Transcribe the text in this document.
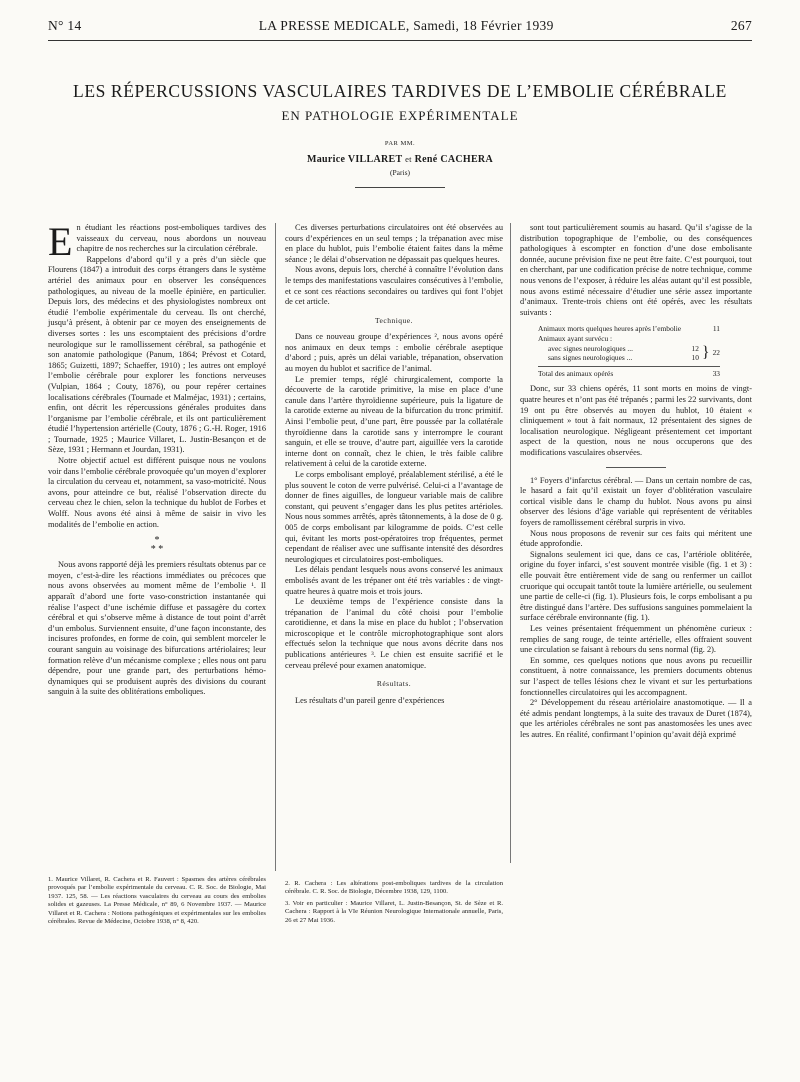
N° 14	LA PRESSE MEDICALE, Samedi, 18 Février 1939	267
LES RÉPERCUSSIONS VASCULAIRES TARDIVES DE L’EMBOLIE CÉRÉBRALE
EN PATHOLOGIE EXPÉRIMENTALE
PAR MM.
Maurice VILLARET et René CACHERA
(Paris)

En étudiant les réactions post-emboliques tardives des vaisseaux du cerveau, nous abordons un nouveau chapitre de nos recherches sur la circulation cérébrale.

Rappelons d’abord qu’il y a près d’un siècle que Flourens (1847) a introduit des corps étrangers dans le système artériel des animaux pour en observer les conséquences pathologiques, au niveau de la moelle épinière, en particulier. Depuis lors, des médecins et des physiologistes nombreux ont étudié l’embolie expérimentale du cerveau. Ils ont cherché, jusqu’à présent, à obtenir par ce moyen des enseignements de diverses sortes : les uns escomptaient des précisions d’ordre neurologique sur le ramollissement cérébral, sa pathogénie et son anatomie pathologique (Panum, 1864; Prévost et Cotard, 1865; Guizetti, 1897; Schaeffer, 1910) ; les autres ont employé l’embolie cérébrale pour explorer les fonctions nerveuses (Vulpian, 1864 ; Couty, 1876), ou pour repérer certaines localisations cérébrales (Tournade et Malméjac, 1931) ; certains, enfin, ont décrit les répercussions générales produites dans l’organisme par l’embolie cérébrale, et ils ont particulièrement étudié l’hypertension artérielle (Couty, 1876 ; G.-H. Roger, 1916 ; Tournade, 1925 ; Maurice Villaret, L. Justin-Besançon et de Sèze, 1931 ; Hermann et Jourdan, 1931).

Notre objectif actuel est différent puisque nous ne voulons voir dans l’embolie cérébrale provoquée qu’un moyen d’explorer la circulation du cerveau et, notamment, sa vaso-motricité. Nous avons, pour atteindre ce but, réalisé l’observation directe du cerveau chez le chien, selon la technique du hublot de Forbes et Wolff. Nous avons été ainsi à même de saisir in vivo les modalités de l’embolie en action.

*
* *

Nous avons rapporté déjà les premiers résultats obtenus par ce moyen, c’est-à-dire les réactions immédiates ou précoces que nous avons observées au moment même de l’embolie ¹. Il apparaît d’abord une forte vaso-constriction instantanée qui réalise l’aspect d’une ischémie diffuse et passagère du cortex cérébral et qui s’observe même à distance de tout point d’arrêt d’un embolus. Surviennent ensuite, d’une façon inconstante, des incisures profondes, en forme de coin, qui semblent morceler le courant sanguin au voisinage des bifurcations artériolaires; leur formation relève d’un mécanisme complexe ; elles nous ont paru dépendre, pour une grande part, des perturbations hémo-dynamiques qui se produisent auprès des divisions du courant sanguin à la suite des oblitérations emboliques.

Ces diverses perturbations circulatoires ont été observées au cours d’expériences en un seul temps ; la trépanation avec mise en place du hublot, puis l’embolie étaient faites dans la même séance ; le délai d’observation ne dépassait pas quelques heures.

Nous avons, depuis lors, cherché à connaître l’évolution dans le temps des manifestations vasculaires consécutives à l’embolie, et ce sont ces réactions secondaires ou tardives qui font l’objet de cet article.

Technique.

Dans ce nouveau groupe d’expériences ², nous avons opéré nos animaux en deux temps : embolie cérébrale aseptique d’abord ; puis, après un délai variable, trépanation, observation au moyen du hublot et sacrifice de l’animal.

Le premier temps, réglé chirurgicalement, comporte la découverte de la carotide primitive, la mise en place d’une canule dans l’artère thyroïdienne supérieure, puis la ligature de la carotide externe au niveau de la bifurcation du tronc primitif. Ainsi l’embolie peut, d’une part, être poussée par la collatérale thyroïdienne dans la carotide sans y interrompre le courant sanguin, et elle se trouve, d’autre part, aiguillée vers la carotide interne dont on connaît, chez le chien, le très faible calibre relativement à celui de la carotide externe.

Le corps embolisant employé, préalablement stérilisé, a été le plus souvent le coton de verre pulvérisé. Celui-ci a l’avantage de donner de fines aiguilles, de longueur variable mais de calibre constant, qui peuvent s’engager dans les plus petites artérioles. Nous nous sommes arrêtés, après tâtonnements, à la dose de 0 g. 005 de corps embolisant par kilogramme de poids. C’est celle qui, évitant les morts post-opératoires trop fréquentes, permet cependant de réaliser avec une suffisante intensité des désordres neurologiques et circulatoires post-emboliques.

Les délais pendant lesquels nous avons conservé les animaux embolisés avant de les trépaner ont été très variables : de vingt-quatre heures à quatre mois et trois jours.

Le deuxième temps de l’expérience consiste dans la trépanation de l’animal du côté choisi pour l’embolie carotidienne, et dans la mise en place du hublot ; l’observation microscopique et le contrôle microphotographique sont alors effectués selon la technique que nous avons décrite dans nos publications antérieures ³. Le chien est ensuite sacrifié et le cerveau prélevé pour examen anatomique.

Résultats.

Les résultats d’un pareil genre d’expériences

sont tout particulièrement soumis au hasard. Qu’il s’agisse de la distribution topographique de l’embolie, ou des conséquences pathologiques à escompter en fonction d’une dose embolisante donnée, aucune prévision fixe ne peut être faite. C’est pourquoi, tout en cherchant, par une codification précise de notre technique, comme nous venons de l’exposer, à réduire les aléas autant qu’il est possible, nous avons estimé nécessaire d’étudier une série assez importante d’animaux. Trente-trois chiens ont été opérés, avec les résultats suivants :

Animaux morts quelques heures après l’embolie	11
Animaux ayant survécu :
avec signes neurologiques ...	12
sans signes neurologiques ...	10 } 22
Total des animaux opérés	33

Donc, sur 33 chiens opérés, 11 sont morts en moins de vingt-quatre heures et n’ont pas été trépanés ; parmi les 22 survivants, dont 19 ont pu être observés au moyen du hublot, 10 étaient « cliniquement » tout à fait normaux, 12 présentaient des signes de localisation neurologique. Négligeant présentement cet important aspect de la question, nous ne nous occuperons que des modifications vasculaires observées.

1° Foyers d’infarctus cérébral. — Dans un certain nombre de cas, le hasard a fait qu’il existait un foyer d’oblitération vasculaire cortical visible dans le champ du hublot. Nous avons pu ainsi observer des lésions d’âge variable qui représentent de véritables foyers de ramollissement cérébral surpris in vivo.

Nous nous proposons de revenir sur ces faits qui méritent une étude approfondie.

Signalons seulement ici que, dans ce cas, l’artériole oblitérée, origine du foyer infarci, s’est souvent montrée visible (fig. 1 et 3) : elle pouvait être entièrement vide de sang ou renfermer un caillot cruorique qui occupait tantôt toute la lumière artérielle, ou seulement une partie de celle-ci (fig. 1). Plusieurs fois, le corps embolisant a pu être distingué dans l’artère. Des suffusions sanguines pommelaient la surface cérébrale environnante (fig. 1).

Les veines présentaient fréquemment un phénomène curieux : remplies de sang rouge, de teinte artérielle, elles offraient souvent une circulation se faisant à rebours du sens normal (fig. 2).

En somme, ces quelques notions que nous avons pu recueillir constituent, à notre connaissance, les premiers documents obtenus sur l’aspect de telles lésions chez le vivant et sur les perturbations fonctionnelles circulatoires qui les accompagnent.

2° Développement du réseau artériolaire anastomotique. — Il a été admis pendant longtemps, à la suite des travaux de Duret (1874), que les artérioles cérébrales ne sont pas anastomosées les unes avec les autres. En réalité, confirmant l’opinion qu’avait déjà exprimé

1. Maurice Villaret, R. Cachera et R. Fauvert : Spasmes des artères cérébrales provoqués par l’embolie expérimentale du cerveau. C. R. Soc. de Biologie, Mai 1937. 125, 58. — Les réactions vasculaires du cerveau au cours des embolies solides et gazeuses. La Presse Médicale, n° 89, 6 Novembre 1937. — Maurice Villaret et R. Cachera : Notions pathogéniques et expérimentales sur les embolies cérébrales. Revue de Médecine, Octobre 1938, n° 8, 420.
2. R. Cachera : Les altérations post-emboliques tardives de la circulation cérébrale. C. R. Soc. de Biologie, Décembre 1938, 129, 1100.
3. Voir en particulier : Maurice Villaret, L. Justin-Besançon, St. de Sèze et R. Cachera : Rapport à la VIe Réunion Neurologique Internationale annuelle, Paris, 26 et 27 Mai 1936.
